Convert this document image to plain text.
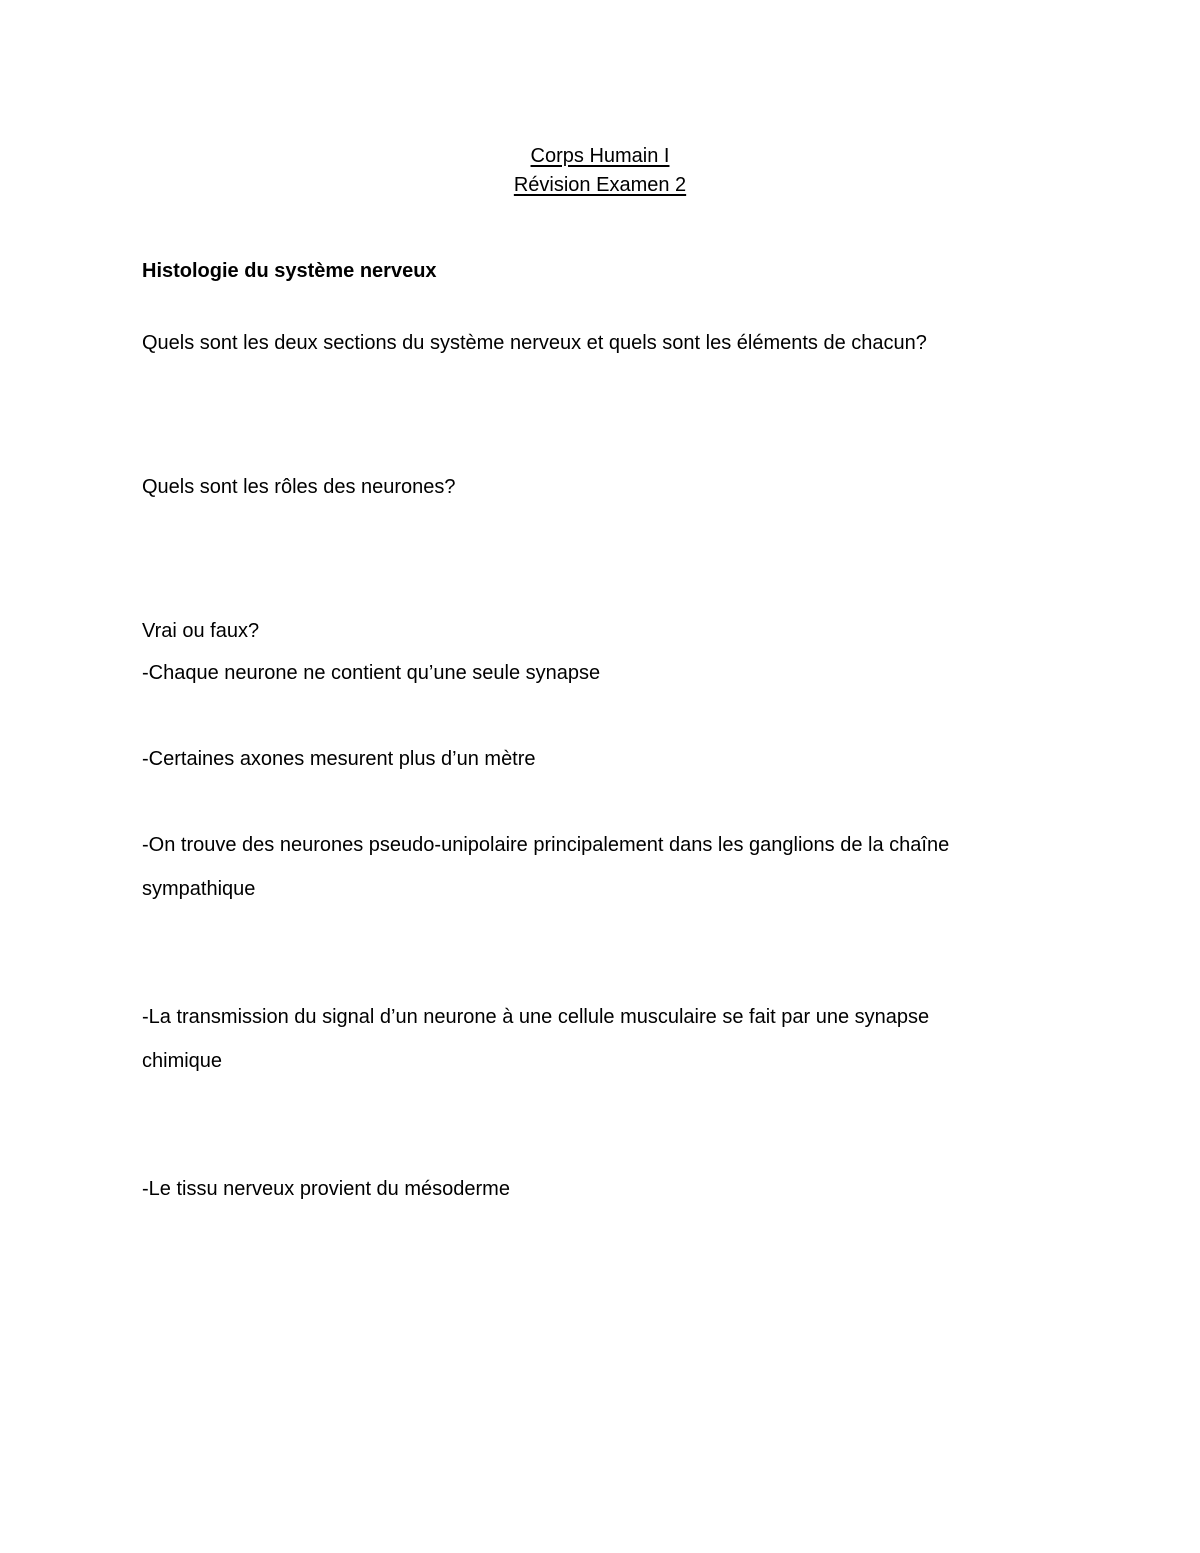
Corps Humain I
Révision Examen 2
Histologie du système nerveux
Quels sont les deux sections du système nerveux et quels sont les éléments de chacun?
Quels sont les rôles des neurones?
Vrai ou faux?
-Chaque neurone ne contient qu’une seule synapse
-Certaines axones mesurent plus d’un mètre
-On trouve des neurones pseudo-unipolaire principalement dans les ganglions de la chaîne
sympathique
-La transmission du signal d’un neurone à une cellule musculaire se fait par une synapse
chimique
-Le tissu nerveux provient du mésoderme
